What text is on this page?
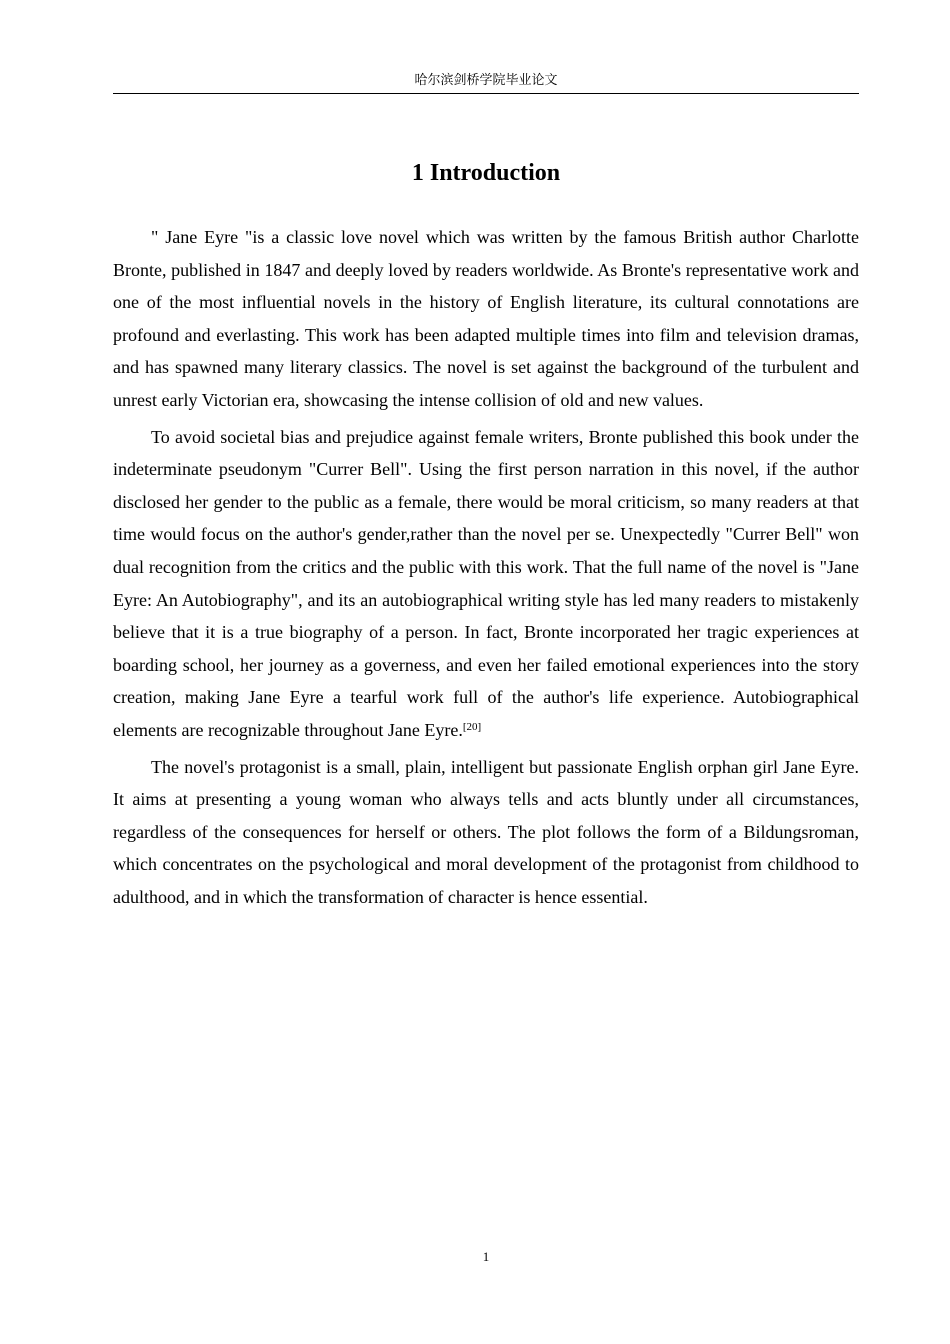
哈尔滨剑桥学院毕业论文
1 Introduction

" Jane Eyre "is a classic love novel which was written by the famous British author Charlotte Bronte, published in 1847 and deeply loved by readers worldwide. As Bronte's representative work and one of the most influential novels in the history of English literature, its cultural connotations are profound and everlasting. This work has been adapted multiple times into film and television dramas, and has spawned many literary classics. The novel is set against the background of the turbulent and unrest early Victorian era, showcasing the intense collision of old and new values.

To avoid societal bias and prejudice against female writers, Bronte published this book under the indeterminate pseudonym "Currer Bell". Using the first person narration in this novel, if the author disclosed her gender to the public as a female, there would be moral criticism, so many readers at that time would focus on the author's gender,rather than the novel per se. Unexpectedly "Currer Bell" won dual recognition from the critics and the public with this work. That the full name of the novel is "Jane Eyre: An Autobiography", and its an autobiographical writing style has led many readers to mistakenly believe that it is a true biography of a person. In fact, Bronte incorporated her tragic experiences at boarding school, her journey as a governess, and even her failed emotional experiences into the story creation, making Jane Eyre a tearful work full of the author's life experience. Autobiographical elements are recognizable throughout Jane Eyre.[20]

The novel's protagonist is a small, plain, intelligent but passionate English orphan girl Jane Eyre. It aims at presenting a young woman who always tells and acts bluntly under all circumstances, regardless of the consequences for herself or others. The plot follows the form of a Bildungsroman, which concentrates on the psychological and moral development of the protagonist from childhood to adulthood, and in which the transformation of character is hence essential.

1
